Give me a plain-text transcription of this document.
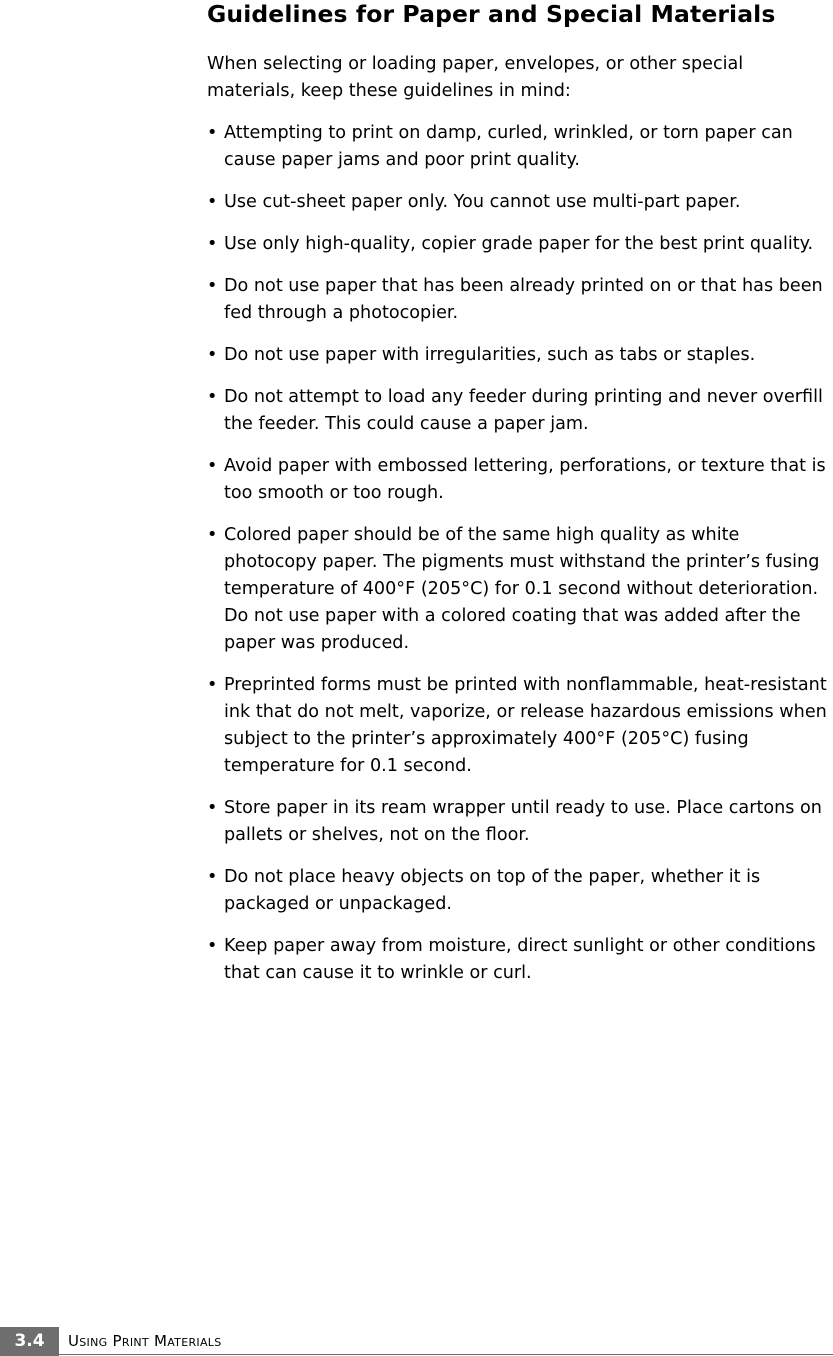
Guidelines for Paper and Special Materials

When selecting or loading paper, envelopes, or other special materials, keep these guidelines in mind:

• Attempting to print on damp, curled, wrinkled, or torn paper can cause paper jams and poor print quality.
• Use cut-sheet paper only. You cannot use multi-part paper.
• Use only high-quality, copier grade paper for the best print quality.
• Do not use paper that has been already printed on or that has been fed through a photocopier.
• Do not use paper with irregularities, such as tabs or staples.
• Do not attempt to load any feeder during printing and never overfill the feeder. This could cause a paper jam.
• Avoid paper with embossed lettering, perforations, or texture that is too smooth or too rough.
• Colored paper should be of the same high quality as white photocopy paper. The pigments must withstand the printer’s fusing temperature of 400°F (205°C) for 0.1 second without deterioration. Do not use paper with a colored coating that was added after the paper was produced.
• Preprinted forms must be printed with nonflammable, heat-resistant ink that do not melt, vaporize, or release hazardous emissions when subject to the printer’s approximately 400°F (205°C) fusing temperature for 0.1 second.
• Store paper in its ream wrapper until ready to use. Place cartons on pallets or shelves, not on the floor.
• Do not place heavy objects on top of the paper, whether it is packaged or unpackaged.
• Keep paper away from moisture, direct sunlight or other conditions that can cause it to wrinkle or curl.
3.4	Using Print Materials
